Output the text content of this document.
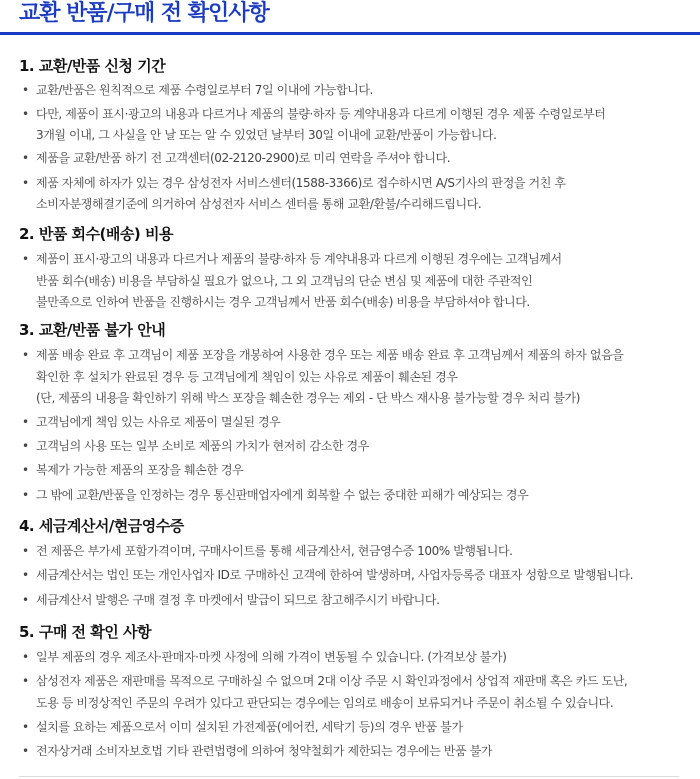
교환 반품/구매 전 확인사항
1. 교환/반품 신청 기간
• 교환/반품은 원칙적으로 제품 수령일로부터 7일 이내에 가능합니다.
• 다만, 제품이 표시·광고의 내용과 다르거나 제품의 불량·하자 등 계약내용과 다르게 이행된 경우 제품 수령일로부터
3개월 이내, 그 사실을 안 날 또는 알 수 있었던 날부터 30일 이내에 교환/반품이 가능합니다.
• 제품을 교환/반품 하기 전 고객센터(02-2120-2900)로 미리 연락을 주셔야 합니다.
• 제품 자체에 하자가 있는 경우 삼성전자 서비스센터(1588-3366)로 접수하시면 A/S기사의 판정을 거친 후
소비자분쟁해결기준에 의거하여 삼성전자 서비스 센터를 통해 교환/환불/수리해드립니다.
2. 반품 회수(배송) 비용
• 제품이 표시·광고의 내용과 다르거나 제품의 불량·하자 등 계약내용과 다르게 이행된 경우에는 고객님께서
반품 회수(배송) 비용을 부담하실 필요가 없으나, 그 외 고객님의 단순 변심 및 제품에 대한 주관적인
불만족으로 인하여 반품을 진행하시는 경우 고객님께서 반품 회수(배송) 비용을 부담하셔야 합니다.
3. 교환/반품 불가 안내
• 제품 배송 완료 후 고객님이 제품 포장을 개봉하여 사용한 경우 또는 제품 배송 완료 후 고객님께서 제품의 하자 없음을
확인한 후 설치가 완료된 경우 등 고객님에게 책임이 있는 사유로 제품이 훼손된 경우
(단, 제품의 내용을 확인하기 위해 박스 포장을 훼손한 경우는 제외 - 단 박스 재사용 불가능할 경우 처리 불가)
• 고객님에게 책임 있는 사유로 제품이 멸실된 경우
• 고객님의 사용 또는 일부 소비로 제품의 가치가 현저히 감소한 경우
• 복제가 가능한 제품의 포장을 훼손한 경우
• 그 밖에 교환/반품을 인정하는 경우 통신판매업자에게 회복할 수 없는 중대한 피해가 예상되는 경우
4. 세금계산서/현금영수증
• 전 제품은 부가세 포함가격이며, 구매사이트를 통해 세금계산서, 현금영수증 100% 발행됩니다.
• 세금계산서는 법인 또는 개인사업자 ID로 구매하신 고객에 한하여 발생하며, 사업자등록증 대표자 성함으로 발행됩니다.
• 세금계산서 발행은 구매 결정 후 마켓에서 발급이 되므로 참고해주시기 바랍니다.
5. 구매 전 확인 사항
• 일부 제품의 경우 제조사·판매자·마켓 사정에 의해 가격이 변동될 수 있습니다. (가격보상 불가)
• 삼성전자 제품은 재판매를 목적으로 구매하실 수 없으며 2대 이상 주문 시 확인과정에서 상업적 재판매 혹은 카드 도난,
도용 등 비정상적인 주문의 우려가 있다고 판단되는 경우에는 임의로 배송이 보류되거나 주문이 취소될 수 있습니다.
• 설치를 요하는 제품으로서 이미 설치된 가전제품(에어컨, 세탁기 등)의 경우 반품 불가
• 전자상거래 소비자보호법 기타 관련법령에 의하여 청약철회가 제한되는 경우에는 반품 불가
